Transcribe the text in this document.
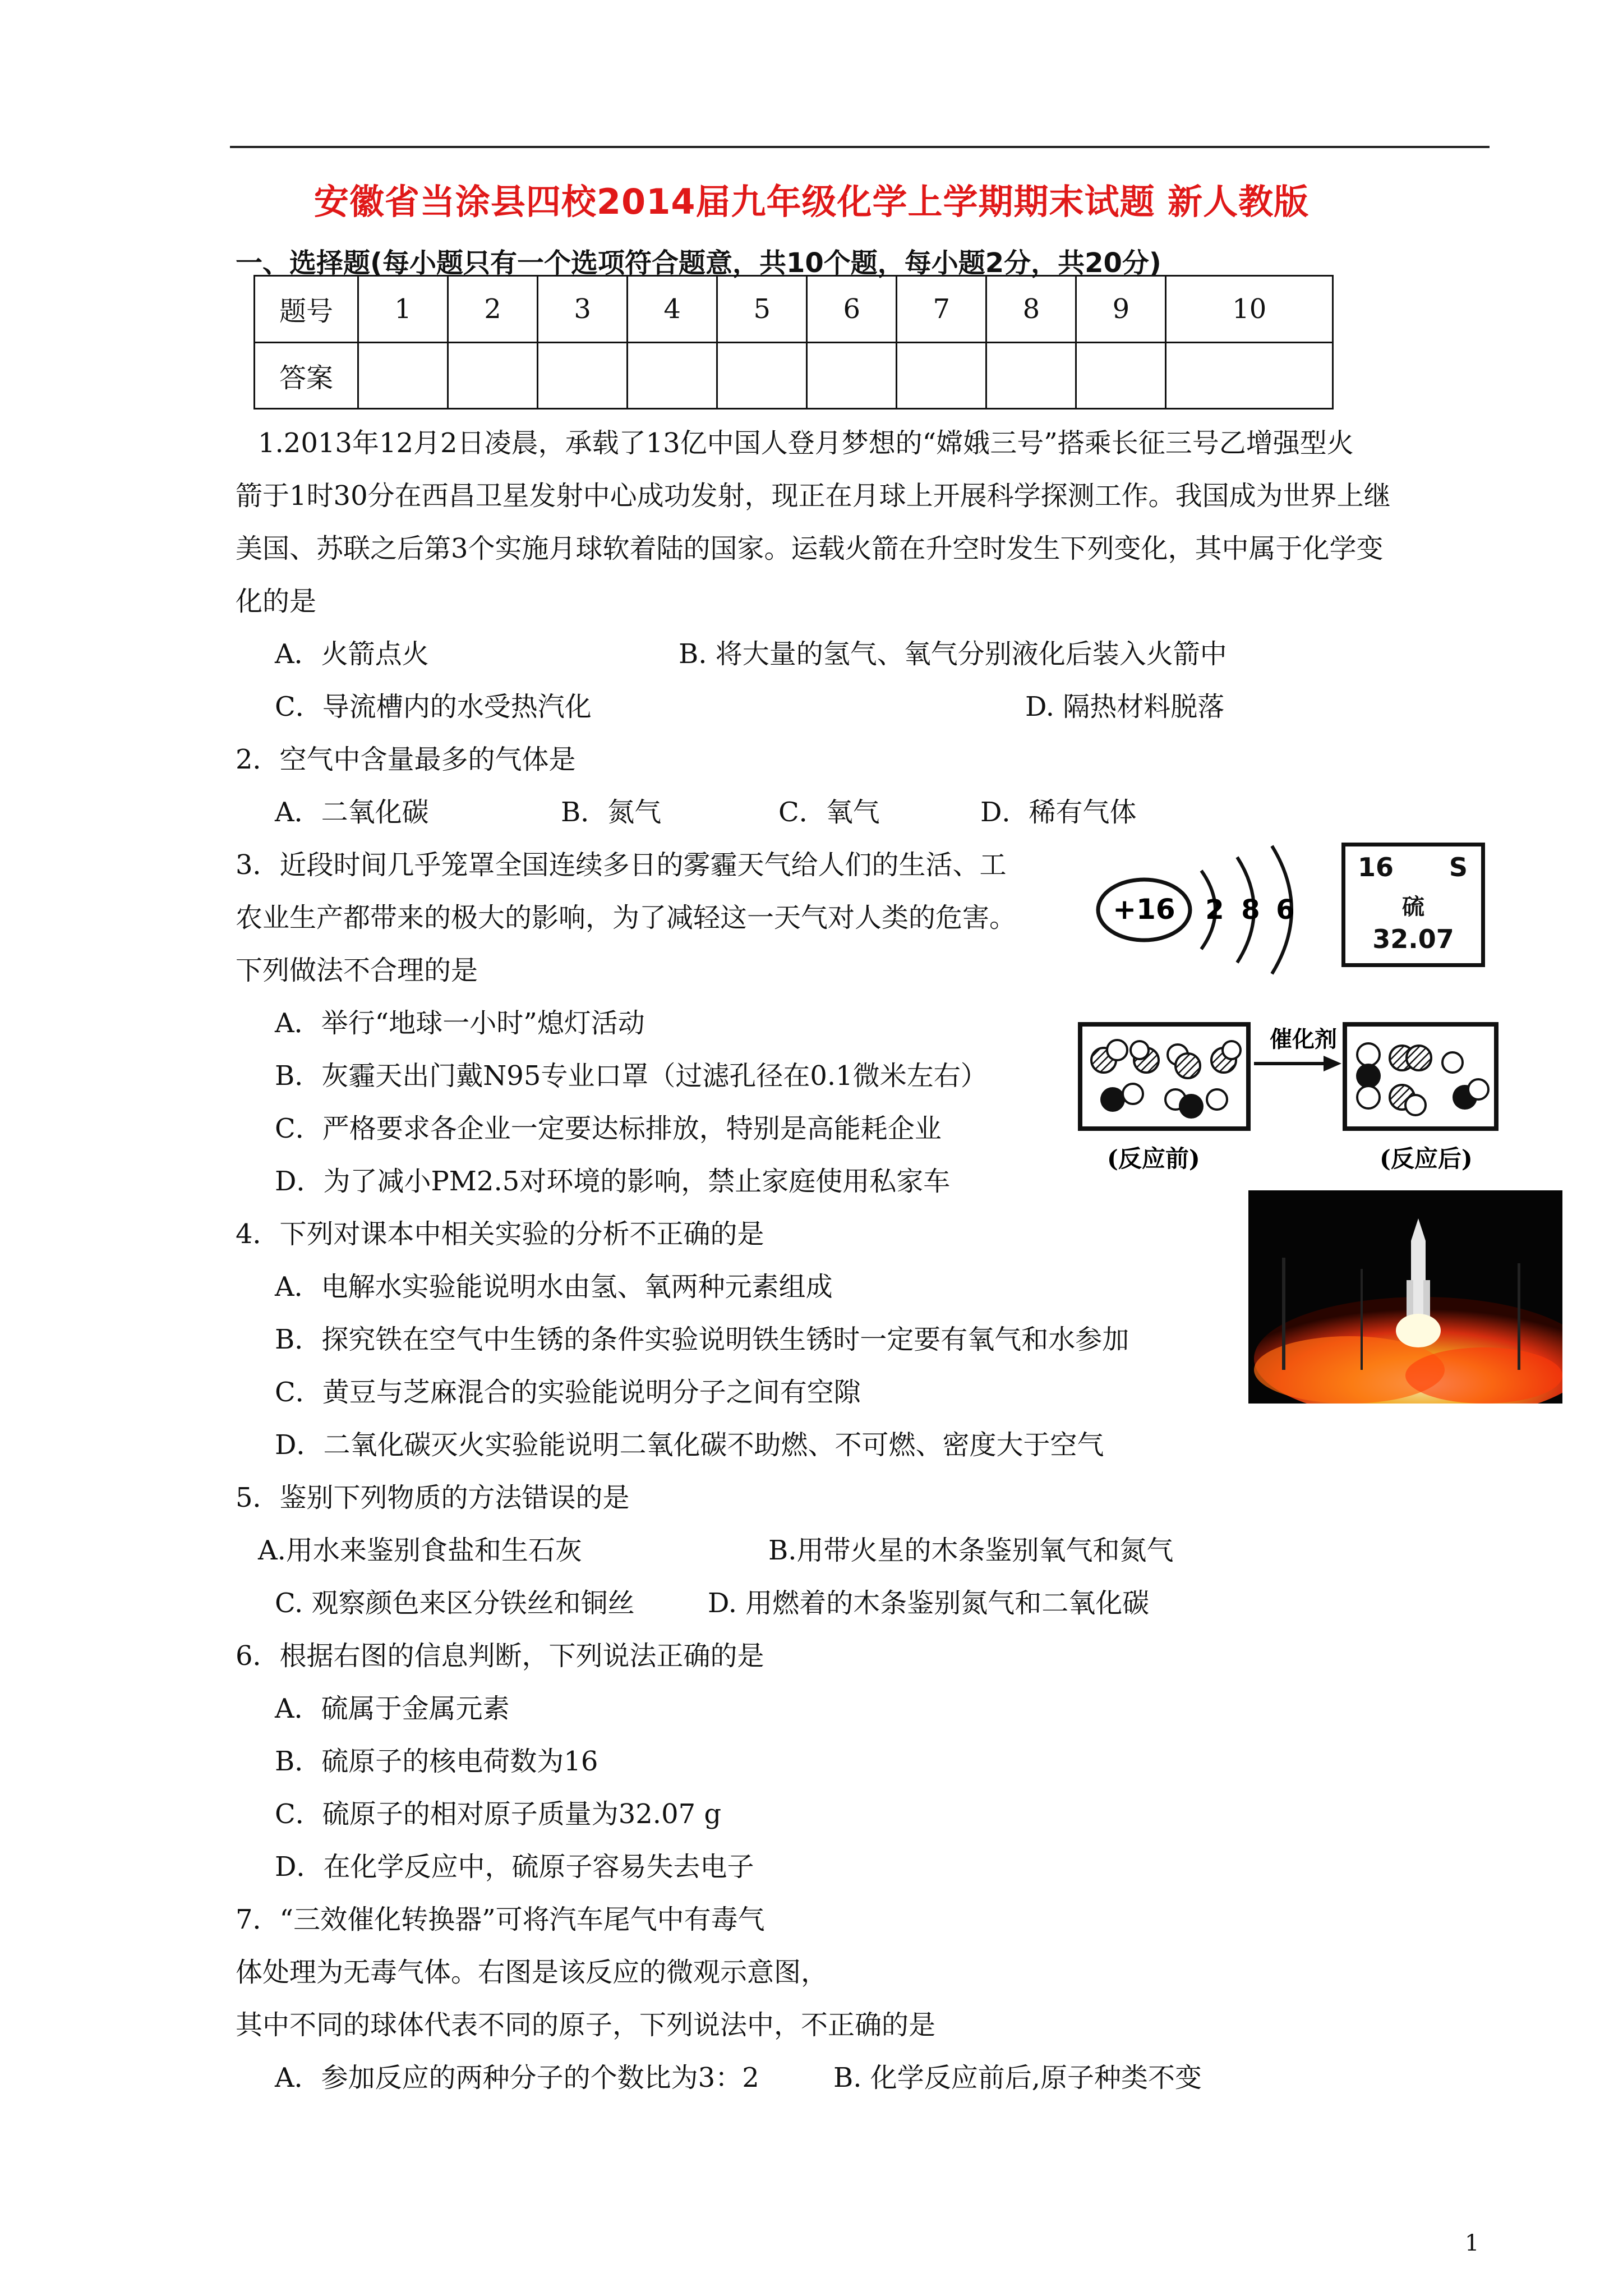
安徽省当涂县四校2014届九年级化学上学期期末试题 新人教版
一、选择题(每小题只有一个选项符合题意，共10个题，每小题2分，共20分)
题号	1	2	3	4	5	6	7	8	9	10
答案										
1.2013年12月2日凌晨，承载了13亿中国人登月梦想的“嫦娥三号”搭乘长征三号乙增强型火
箭于1时30分在西昌卫星发射中心成功发射，现正在月球上开展科学探测工作。我国成为世界上继
美国、苏联之后第3个实施月球软着陆的国家。运载火箭在升空时发生下列变化，其中属于化学变
化的是
A．火箭点火	B. 将大量的氢气、氧气分别液化后装入火箭中
C．导流槽内的水受热汽化	D. 隔热材料脱落
2．空气中含量最多的气体是
A．二氧化碳	B．氮气	C．氧气	D．稀有气体
3．近段时间几乎笼罩全国连续多日的雾霾天气给人们的生活、工
农业生产都带来的极大的影响，为了减轻这一天气对人类的危害。
下列做法不合理的是
A．举行“地球一小时”熄灯活动
B．灰霾天出门戴N95专业口罩（过滤孔径在0.1微米左右）
C．严格要求各企业一定要达标排放，特别是高能耗企业
D．为了减小PM2.5对环境的影响，禁止家庭使用私家车
4．下列对课本中相关实验的分析不正确的是
A．电解水实验能说明水由氢、氧两种元素组成
B．探究铁在空气中生锈的条件实验说明铁生锈时一定要有氧气和水参加
C．黄豆与芝麻混合的实验能说明分子之间有空隙
D．二氧化碳灭火实验能说明二氧化碳不助燃、不可燃、密度大于空气
5．鉴别下列物质的方法错误的是
A.用水来鉴别食盐和生石灰	B.用带火星的木条鉴别氧气和氮气
C. 观察颜色来区分铁丝和铜丝	D. 用燃着的木条鉴别氮气和二氧化碳
6．根据右图的信息判断，下列说法正确的是
A．硫属于金属元素
B．硫原子的核电荷数为16
C．硫原子的相对原子质量为32.07 g
D．在化学反应中，硫原子容易失去电子
7．“三效催化转换器”可将汽车尾气中有毒气
体处理为无毒气体。右图是该反应的微观示意图，
其中不同的球体代表不同的原子，下列说法中，不正确的是
A．参加反应的两种分子的个数比为3：2	B. 化学反应前后,原子种类不变
+16 2 8 6
16 S
硫
32.07
催化剂
(反应前)	(反应后)
1
